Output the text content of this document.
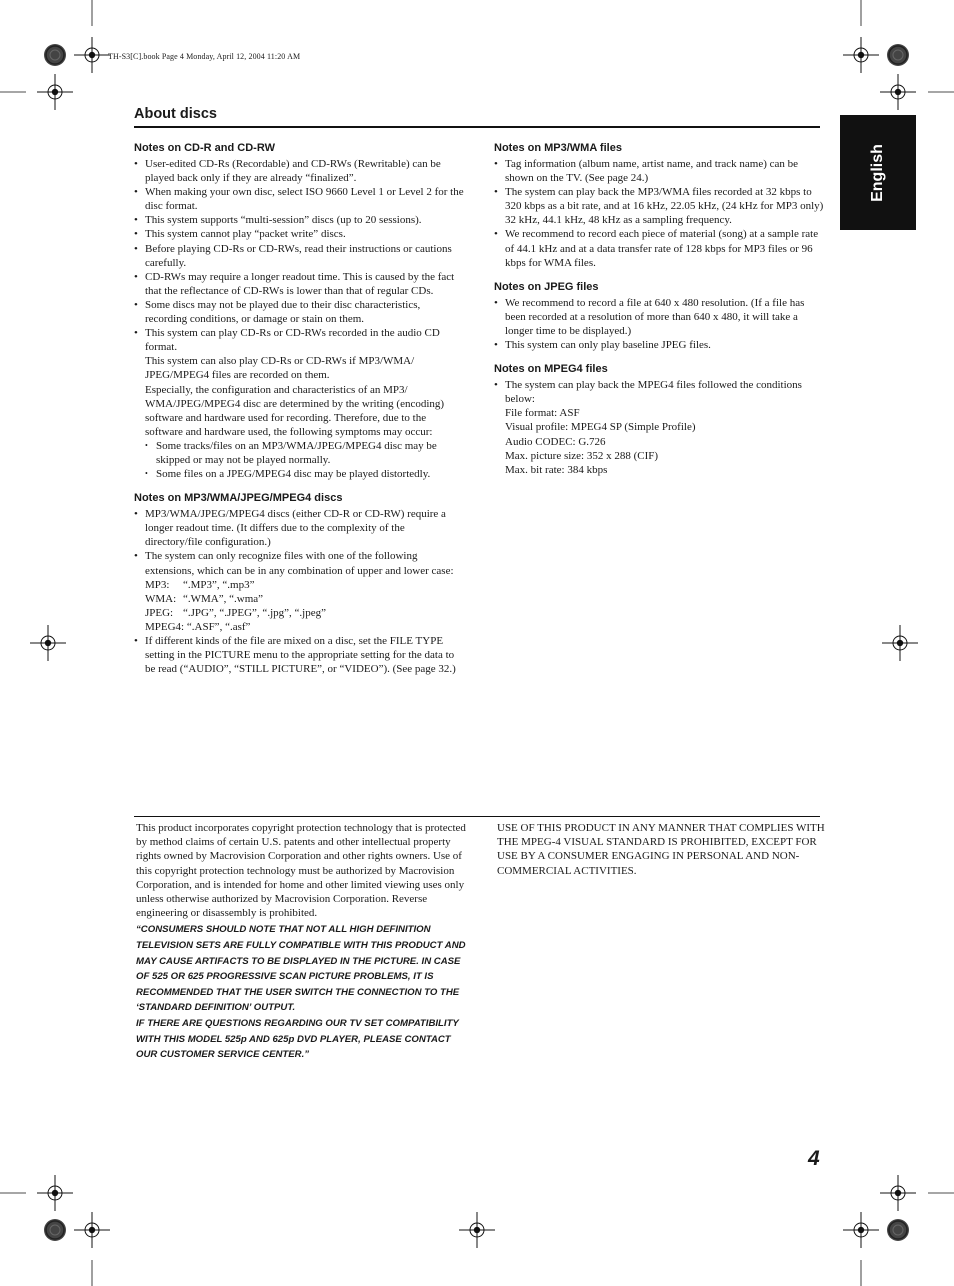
TH-S3[C].book Page 4 Monday, April 12, 2004 11:20 AM
About discs
English
Notes on CD-R and CD-RW
• User-edited CD-Rs (Recordable) and CD-RWs (Rewritable) can be played back only if they are already “finalized”.
• When making your own disc, select ISO 9660 Level 1 or Level 2 for the disc format.
• This system supports “multi-session” discs (up to 20 sessions).
• This system cannot play “packet write” discs.
• Before playing CD-Rs or CD-RWs, read their instructions or cautions carefully.
• CD-RWs may require a longer readout time. This is caused by the fact that the reflectance of CD-RWs is lower than that of regular CDs.
• Some discs may not be played due to their disc characteristics, recording conditions, or damage or stain on them.
• This system can play CD-Rs or CD-RWs recorded in the audio CD format.
This system can also play CD-Rs or CD-RWs if MP3/WMA/ JPEG/MPEG4 files are recorded on them.
Especially, the configuration and characteristics of an MP3/ WMA/JPEG/MPEG4 disc are determined by the writing (encoding) software and hardware used for recording. Therefore, due to the software and hardware used, the following symptoms may occur:
• Some tracks/files on an MP3/WMA/JPEG/MPEG4 disc may be skipped or may not be played normally.
• Some files on a JPEG/MPEG4 disc may be played distortedly.
Notes on MP3/WMA/JPEG/MPEG4 discs
• MP3/WMA/JPEG/MPEG4 discs (either CD-R or CD-RW) require a longer readout time. (It differs due to the complexity of the directory/file configuration.)
• The system can only recognize files with one of the following extensions, which can be in any combination of upper and lower case:
MP3:	“.MP3”, “.mp3”
WMA: “.WMA”, “.wma”
JPEG: “.JPG”, “.JPEG”, “.jpg”, “.jpeg”
MPEG4:
“.ASF”, “.asf”
• If different kinds of the file are mixed on a disc, set the FILE TYPE setting in the PICTURE menu to the appropriate setting for the data to be read (“AUDIO”, “STILL PICTURE”, or “VIDEO”). (See page 32.)
Notes on MP3/WMA files
• Tag information (album name, artist name, and track name) can be shown on the TV. (See page 24.)
• The system can play back the MP3/WMA files recorded at 32 kbps to 320 kbps as a bit rate, and at 16 kHz, 22.05 kHz, (24 kHz for MP3 only) 32 kHz, 44.1 kHz, 48 kHz as a sampling frequency.
• We recommend to record each piece of material (song) at a sample rate of 44.1 kHz and at a data transfer rate of 128 kbps for MP3 files or 96 kbps for WMA files.
Notes on JPEG files
• We recommend to record a file at 640 x 480 resolution. (If a file has been recorded at a resolution of more than 640 x 480, it will take a longer time to be displayed.)
• This system can only play baseline JPEG files.
Notes on MPEG4 files
• The system can play back the MPEG4 files followed the conditions below:
File format: ASF
Visual profile: MPEG4 SP (Simple Profile)
Audio CODEC: G.726
Max. picture size: 352 x 288 (CIF)
Max. bit rate: 384 kbps
This product incorporates copyright protection technology that is protected by method claims of certain U.S. patents and other intellectual property rights owned by Macrovision Corporation and other rights owners. Use of this copyright protection technology must be authorized by Macrovision Corporation, and is intended for home and other limited viewing uses only unless otherwise authorized by Macrovision Corporation. Reverse engineering or disassembly is prohibited.
“CONSUMERS SHOULD NOTE THAT NOT ALL HIGH DEFINITION TELEVISION SETS ARE FULLY COMPATIBLE WITH THIS PRODUCT AND MAY CAUSE ARTIFACTS TO BE DISPLAYED IN THE PICTURE. IN CASE OF 525 OR 625 PROGRESSIVE SCAN PICTURE PROBLEMS, IT IS RECOMMENDED THAT THE USER SWITCH THE CONNECTION TO THE ‘STANDARD DEFINITION’ OUTPUT.
IF THERE ARE QUESTIONS REGARDING OUR TV SET COMPATIBILITY WITH THIS MODEL 525p AND 625p DVD PLAYER, PLEASE CONTACT OUR CUSTOMER SERVICE CENTER.”
USE OF THIS PRODUCT IN ANY MANNER THAT COMPLIES WITH THE MPEG-4 VISUAL STANDARD IS PROHIBITED, EXCEPT FOR USE BY A CONSUMER ENGAGING IN PERSONAL AND NON-COMMERCIAL ACTIVITIES.
4
